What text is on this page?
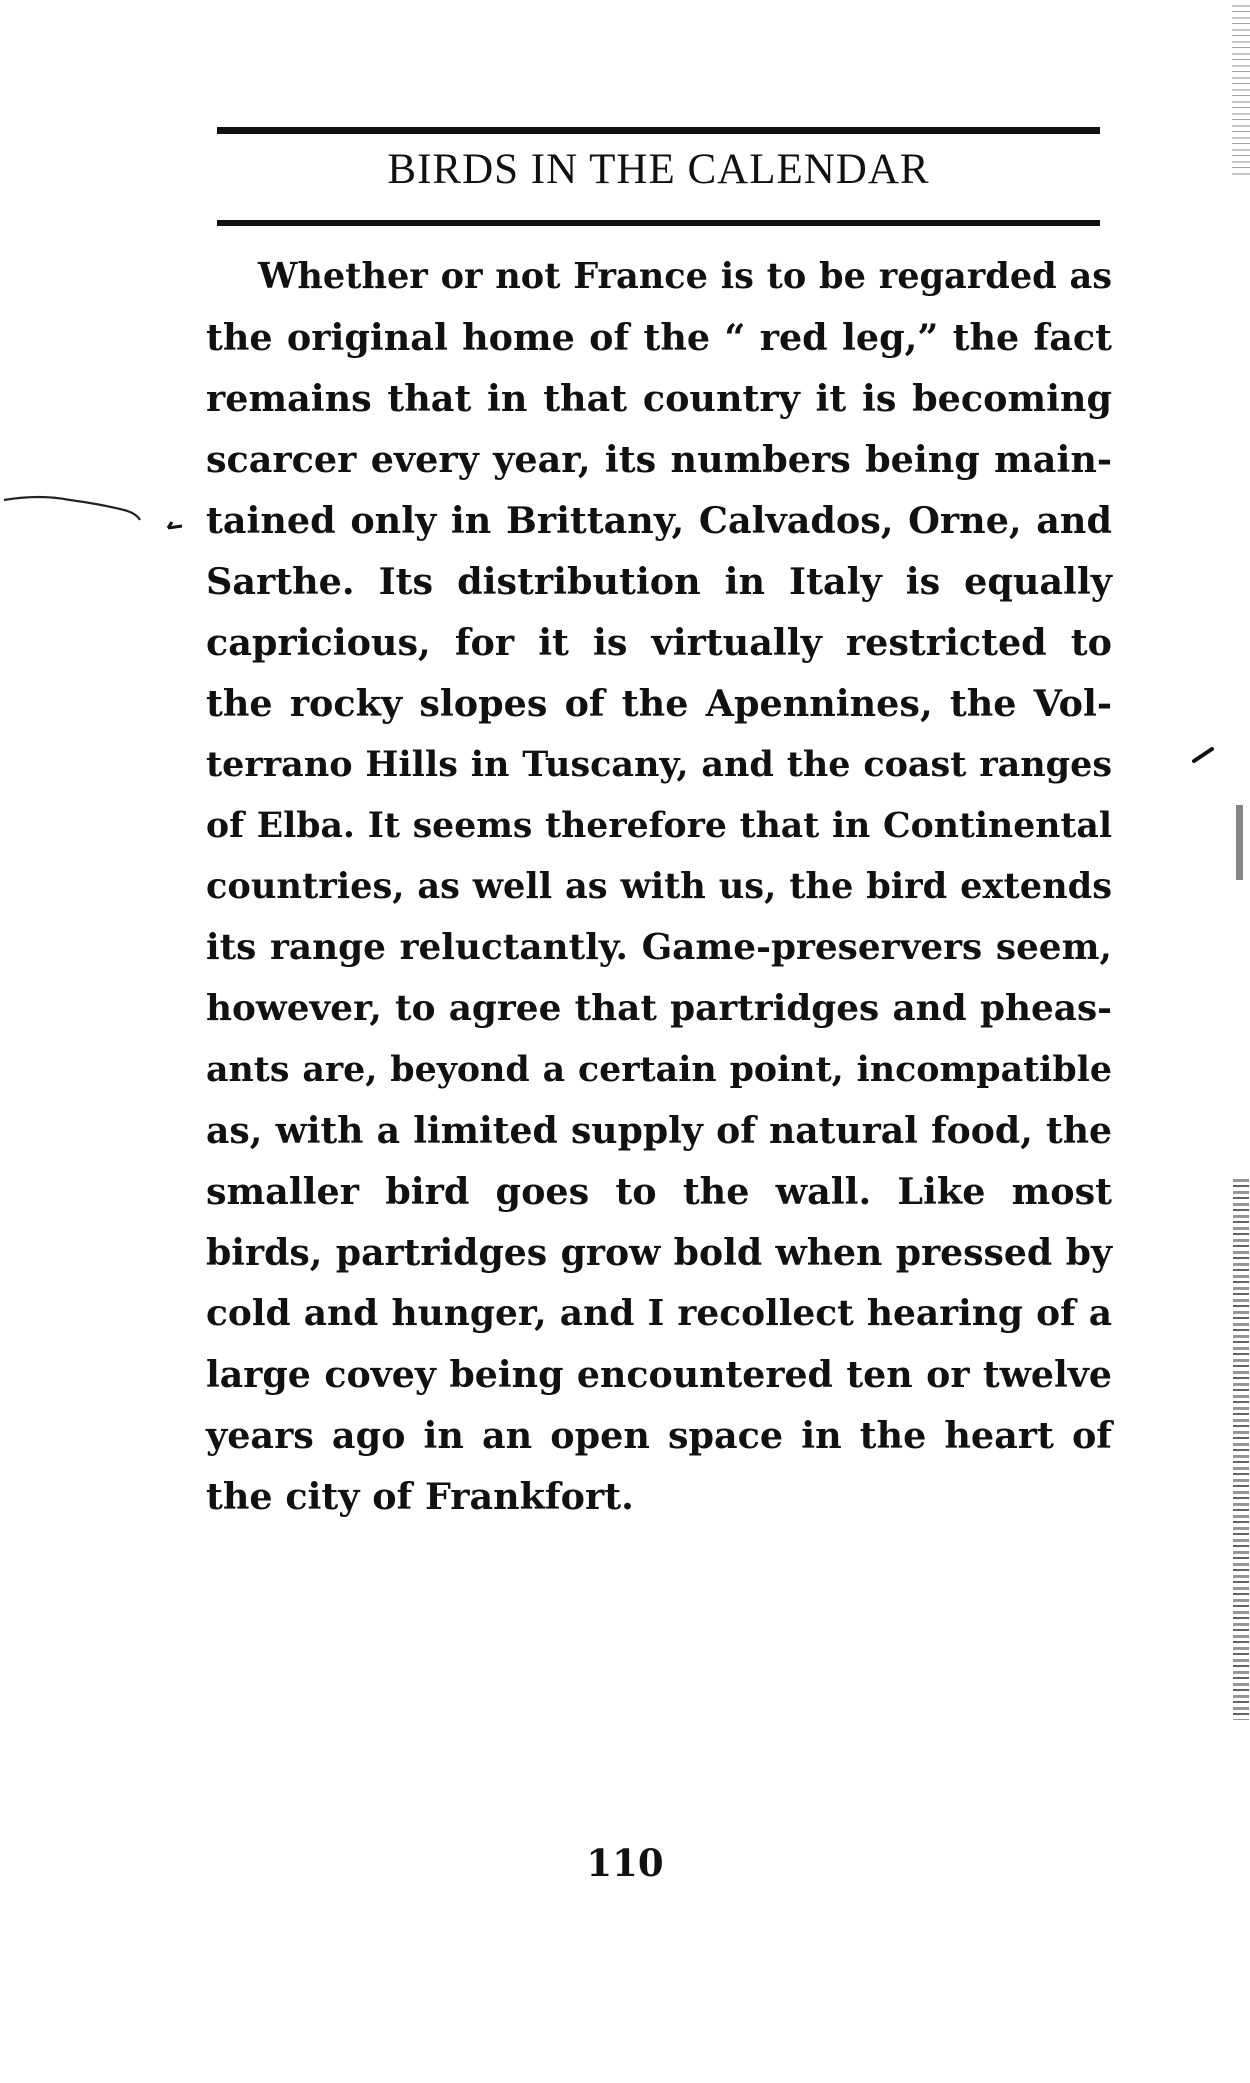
BIRDS IN THE CALENDAR
Whether or not France is to be regarded as
the original home of the “ red leg,” the fact
remains that in that country it is becoming
scarcer every year, its numbers being main-
tained only in Brittany, Calvados, Orne, and
Sarthe. Its distribution in Italy is equally
capricious, for it is virtually restricted to
the rocky slopes of the Apennines, the Vol-
terrano Hills in Tuscany, and the coast ranges
of Elba. It seems therefore that in Continental
countries, as well as with us, the bird extends
its range reluctantly. Game-preservers seem,
however, to agree that partridges and pheas-
ants are, beyond a certain point, incompatible
as, with a limited supply of natural food, the
smaller bird goes to the wall. Like most
birds, partridges grow bold when pressed by
cold and hunger, and I recollect hearing of a
large covey being encountered ten or twelve
years ago in an open space in the heart of
the city of Frankfort.
110
